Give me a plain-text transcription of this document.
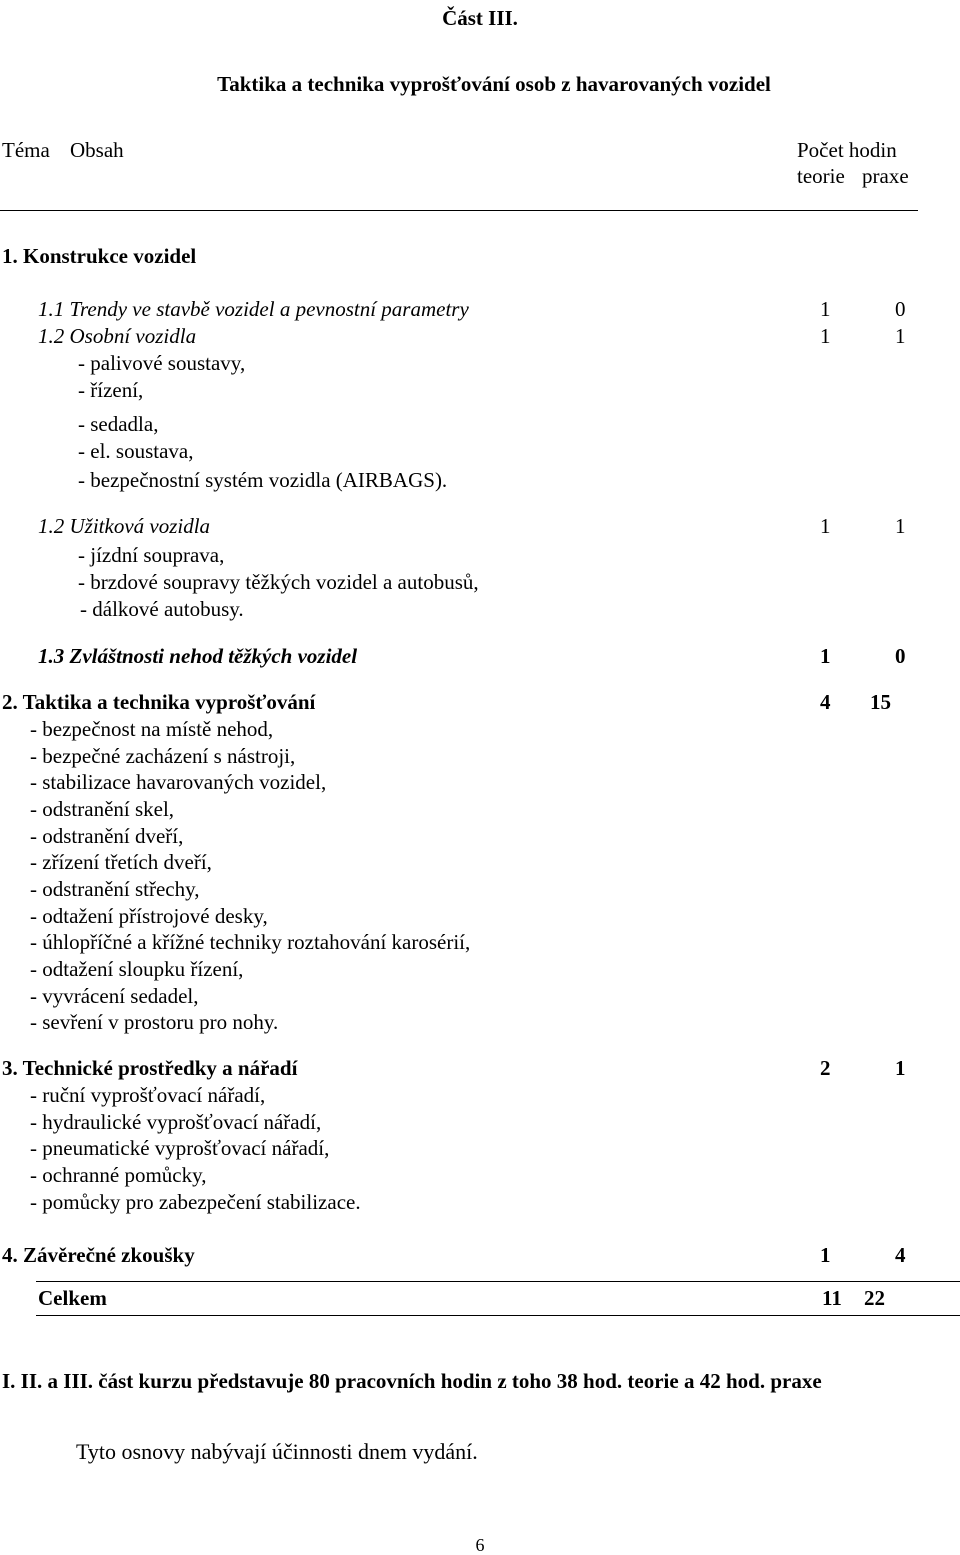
Část III.
Taktika a technika vyprošťování osob z havarovaných vozidel
Téma Obsah	Počet hodin
teorie praxe
1. Konstrukce vozidel
1.1 Trendy ve stavbě vozidel a pevnostní parametry	1	0
1.2 Osobní vozidla	1	1
- palivové soustavy,
- řízení,
- sedadla,
- el. soustava,
- bezpečnostní systém vozidla (AIRBAGS).
1.2 Užitková vozidla	1	1
- jízdní souprava,
- brzdové soupravy těžkých vozidel a autobusů,
- dálkové autobusy.
1.3 Zvláštnosti nehod těžkých vozidel	1	0
2. Taktika a technika vyprošťování	4 15
- bezpečnost na místě nehod,
- bezpečné zacházení s nástroji,
- stabilizace havarovaných vozidel,
- odstranění skel,
- odstranění dveří,
- zřízení třetích dveří,
- odstranění střechy,
- odtažení přístrojové desky,
- úhlopříčné a křížné techniky roztahování karosérií,
- odtažení sloupku řízení,
- vyvrácení sedadel,
- sevření v prostoru pro nohy.
3. Technické prostředky a nářadí	2	1
- ruční vyprošťovací nářadí,
- hydraulické vyprošťovací nářadí,
- pneumatické vyprošťovací nářadí,
- ochranné pomůcky,
- pomůcky pro zabezpečení stabilizace.
4. Závěrečné zkoušky	1	4
Celkem	11 22
I. II. a III. část kurzu představuje 80 pracovních hodin z toho 38 hod. teorie a 42 hod. praxe
Tyto osnovy nabývají účinnosti dnem vydání.
6
